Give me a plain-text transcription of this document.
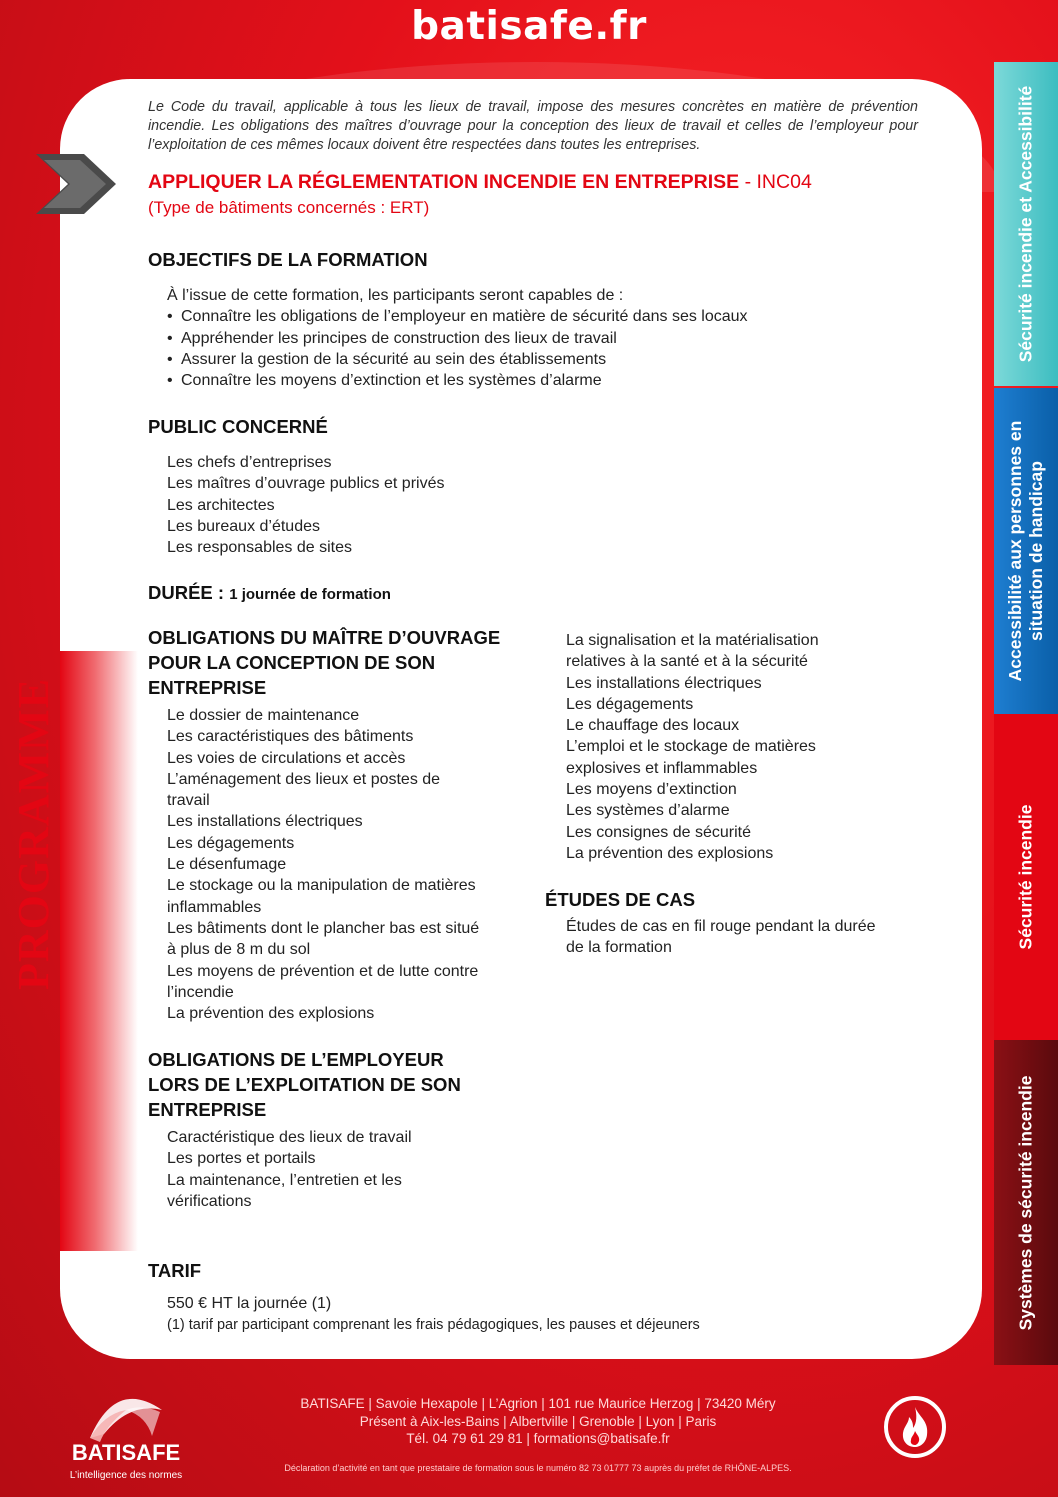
batisafe.fr
PROGRAMME
Le Code du travail, applicable à tous les lieux de travail, impose des mesures concrètes en matière de prévention incendie. Les obligations des maîtres d’ouvrage pour la conception des lieux de travail et celles de l’employeur pour l’exploitation de ces mêmes locaux doivent être respectées dans toutes les entreprises.
APPLIQUER LA RÉGLEMENTATION INCENDIE EN ENTREPRISE - INC04
(Type de bâtiments concernés : ERT)
OBJECTIFS DE LA FORMATION
À l’issue de cette formation, les participants seront capables de :
• Connaître les obligations de l’employeur en matière de sécurité dans ses locaux
• Appréhender les principes de construction des lieux de travail
• Assurer la gestion de la sécurité au sein des établissements
• Connaître les moyens d’extinction et les systèmes d’alarme
PUBLIC CONCERNÉ
Les chefs d’entreprises
Les maîtres d’ouvrage publics et privés
Les architectes
Les bureaux d’études
Les responsables de sites
DURÉE : 1 journée de formation
OBLIGATIONS DU MAÎTRE D’OUVRAGE
POUR LA CONCEPTION DE SON
ENTREPRISE
Le dossier de maintenance
Les caractéristiques des bâtiments
Les voies de circulations et accès
L’aménagement des lieux et postes de
travail
Les installations électriques
Les dégagements
Le désenfumage
Le stockage ou la manipulation de matières
inflammables
Les bâtiments dont le plancher bas est situé
à plus de 8 m du sol
Les moyens de prévention et de lutte contre
l’incendie
La prévention des explosions
OBLIGATIONS DE L’EMPLOYEUR
LORS DE L’EXPLOITATION DE SON
ENTREPRISE
Caractéristique des lieux de travail
Les portes et portails
La maintenance, l’entretien et les
vérifications
La signalisation et la matérialisation
relatives à la santé et à la sécurité
Les installations électriques
Les dégagements
Le chauffage des locaux
L’emploi et le stockage de matières
explosives et inflammables
Les moyens d’extinction
Les systèmes d’alarme
Les consignes de sécurité
La prévention des explosions
ÉTUDES DE CAS
Études de cas en fil rouge pendant la durée
de la formation
TARIF
550 € HT la journée (1)
(1) tarif par participant comprenant les frais pédagogiques, les pauses et déjeuners
Sécurité incendie et Accessibilité
Accessibilité aux personnes en situation de handicap
Sécurité incendie
Systèmes de sécurité incendie
BATISAFE
L’intelligence des normes
BATISAFE | Savoie Hexapole | L’Agrion | 101 rue Maurice Herzog | 73420 Méry
Présent à Aix-les-Bains | Albertville | Grenoble | Lyon | Paris
Tél. 04 79 61 29 81 | formations@batisafe.fr
Déclaration d’activité en tant que prestataire de formation sous le numéro 82 73 01777 73 auprès du préfet de RHÔNE-ALPES.
